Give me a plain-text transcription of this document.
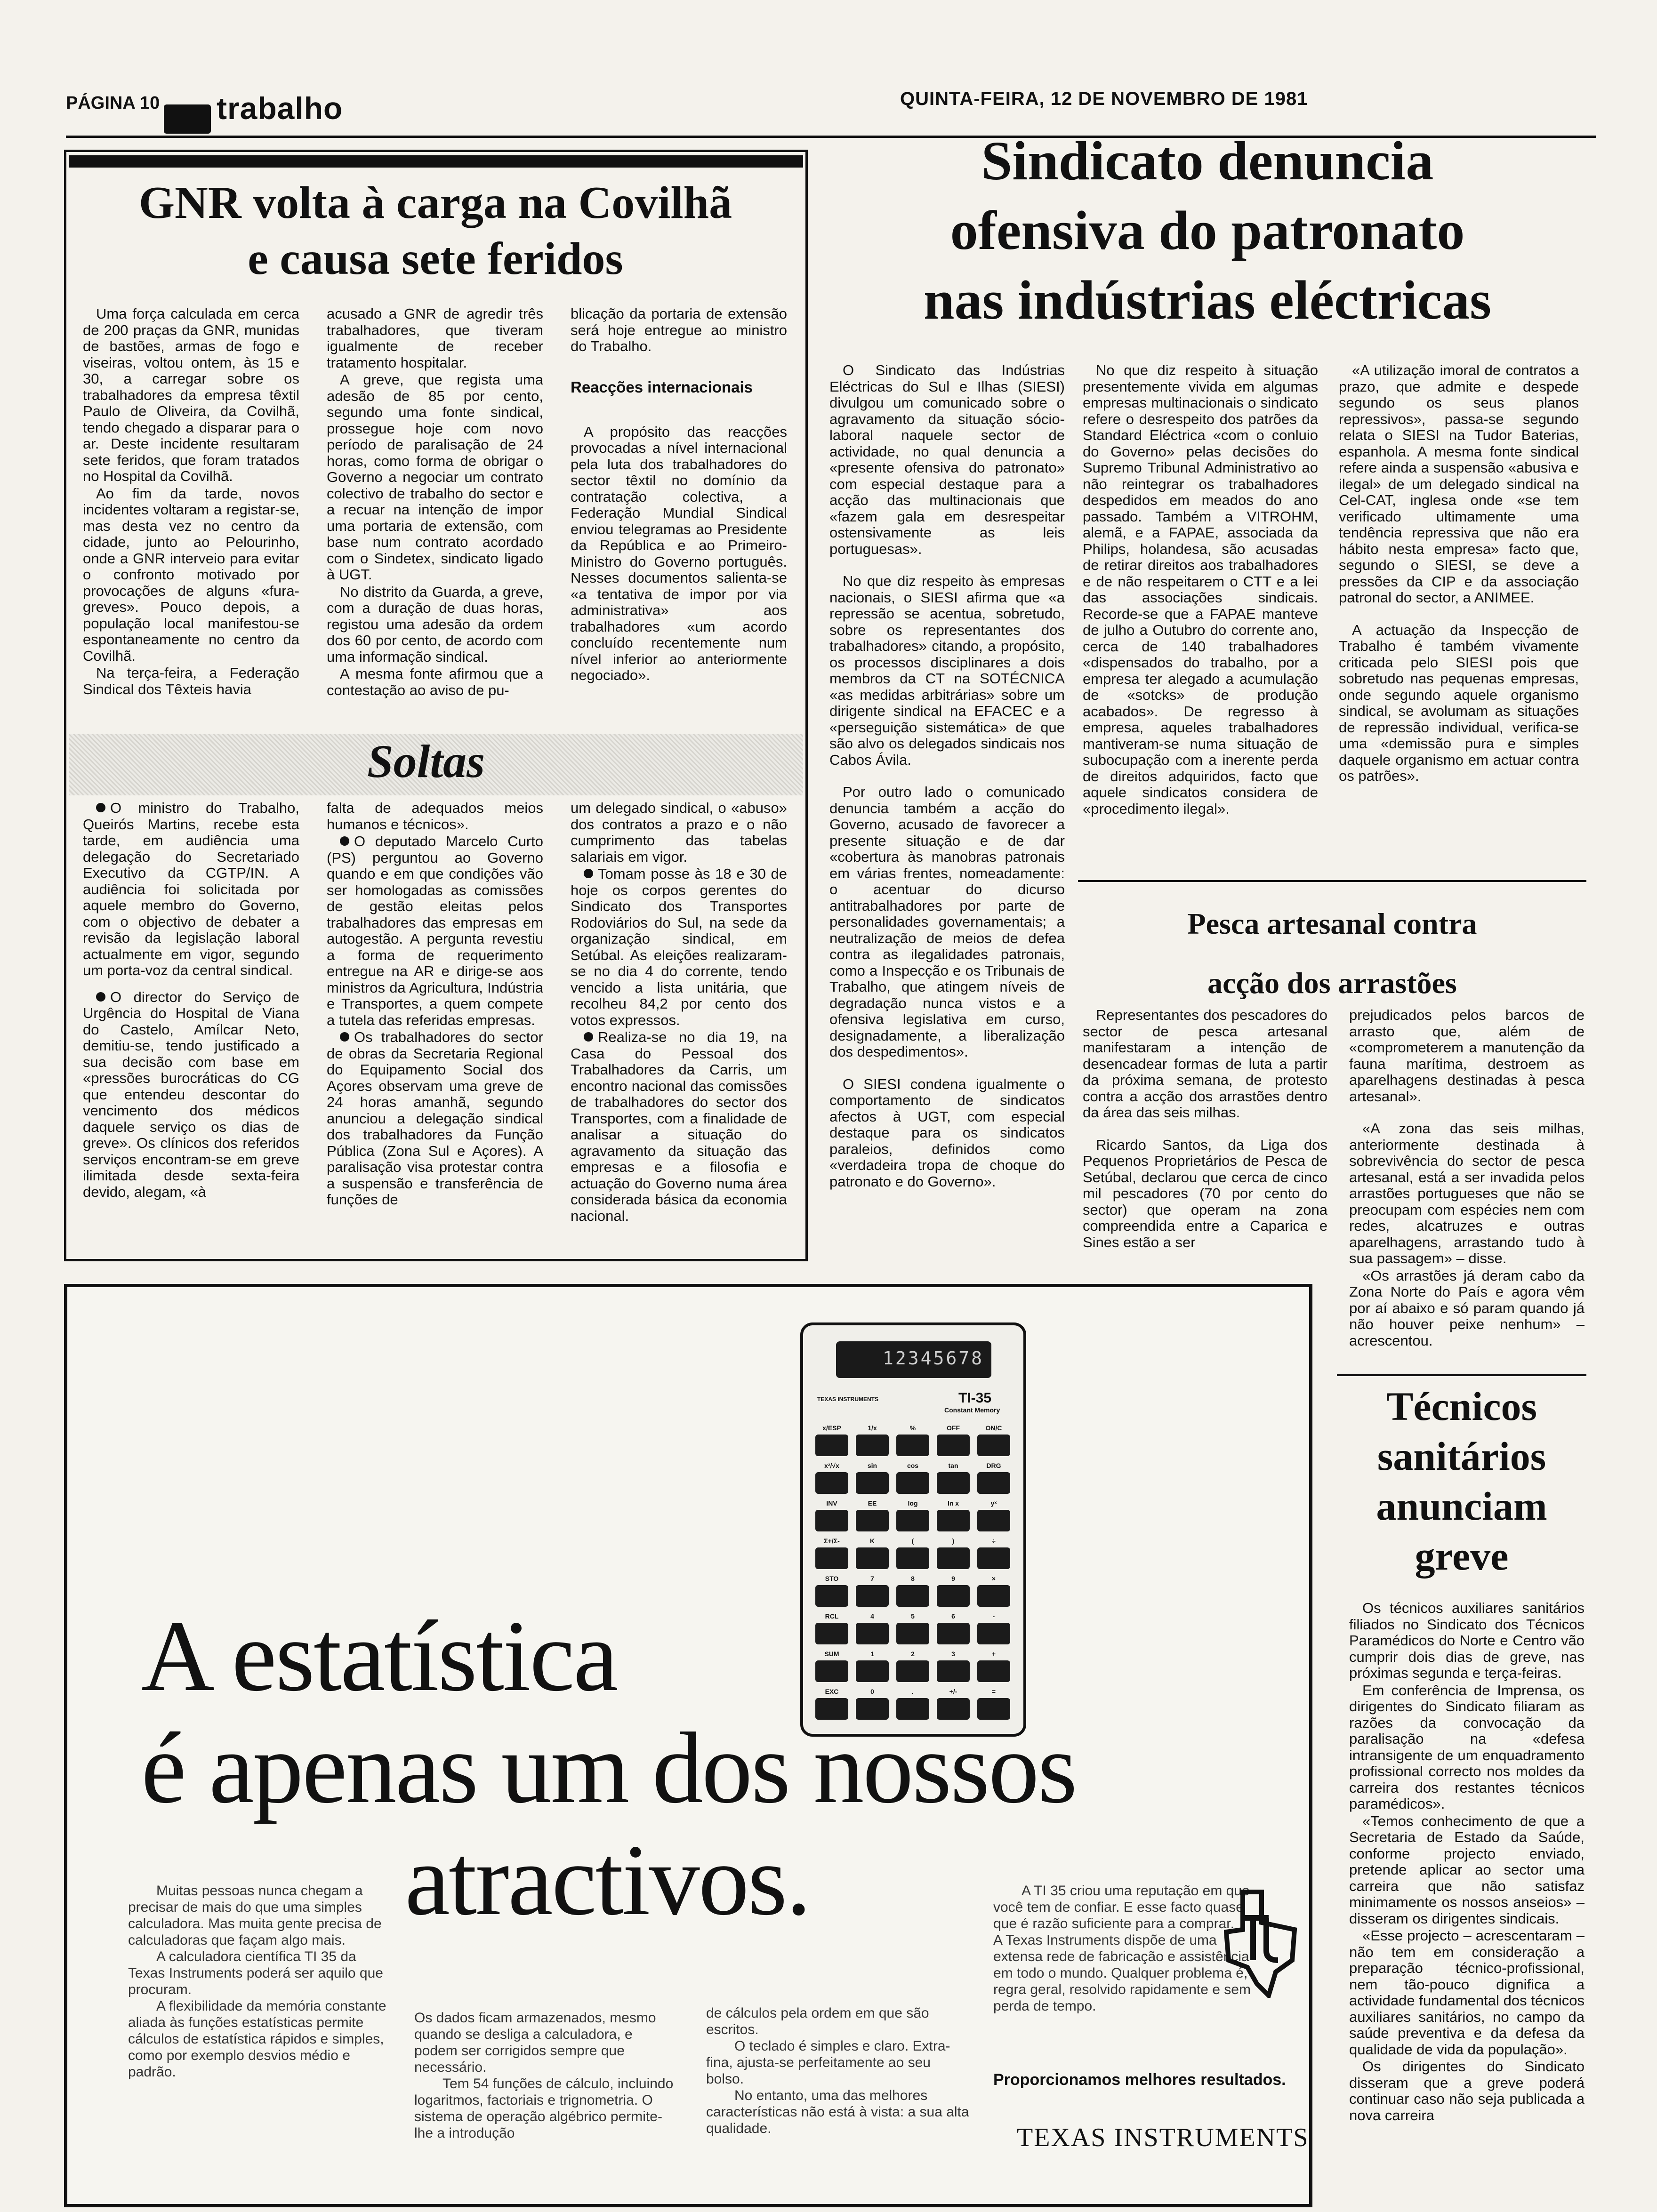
PÁGINA 10 trabalho	QUINTA-FEIRA, 12 DE NOVEMBRO DE 1981
GNR volta à carga na Covilhã
e causa sete feridos

Uma força calculada em cerca de 200 praças da GNR, munidas de bastões, armas de fogo e viseiras, voltou ontem, às 15 e 30, a carregar sobre os trabalhadores da empresa têxtil Paulo de Oliveira, da Covilhã, tendo chegado a disparar para o ar. Deste incidente resultaram sete feridos, que foram tratados no Hospital da Covilhã.

Ao fim da tarde, novos incidentes voltaram a registar-se, mas desta vez no centro da cidade, junto ao Pelourinho, onde a GNR interveio para evitar o confronto motivado por provocações de alguns «fura-greves». Pouco depois, a população local manifestou-se espontaneamente no centro da Covilhã.

Na terça-feira, a Federação Sindical dos Têxteis havia

acusado a GNR de agredir três trabalhadores, que tiveram igualmente de receber tratamento hospitalar.

A greve, que regista uma adesão de 85 por cento, segundo uma fonte sindical, prossegue hoje com novo período de paralisação de 24 horas, como forma de obrigar o Governo a negociar um contrato colectivo de trabalho do sector e a recuar na intenção de impor uma portaria de extensão, com base num contrato acordado com o Sindetex, sindicato ligado à UGT.

No distrito da Guarda, a greve, com a duração de duas horas, registou uma adesão da ordem dos 60 por cento, de acordo com uma informação sindical.

A mesma fonte afirmou que a contestação ao aviso de pu-

blicação da portaria de extensão será hoje entregue ao ministro do Trabalho.

Reacções internacionais

A propósito das reacções provocadas a nível internacional pela luta dos trabalhadores do sector têxtil no domínio da contratação colectiva, a Federação Mundial Sindical enviou telegramas ao Presidente da República e ao Primeiro-Ministro do Governo português. Nesses documentos salienta-se «a tentativa de impor por via administrativa» aos trabalhadores «um acordo concluído recentemente num nível inferior ao anteriormente negociado».

Soltas

O ministro do Trabalho, Queirós Martins, recebe esta tarde, em audiência uma delegação do Secretariado Executivo da CGTP/IN. A audiência foi solicitada por aquele membro do Governo, com o objectivo de debater a revisão da legislação laboral actualmente em vigor, segundo um porta-voz da central sindical.

O director do Serviço de Urgência do Hospital de Viana do Castelo, Amílcar Neto, demitiu-se, tendo justificado a sua decisão com base em «pressões burocráticas do CG que entendeu descontar do vencimento dos médicos daquele serviço os dias de greve». Os clínicos dos referidos serviços encontram-se em greve ilimitada desde sexta-feira devido, alegam, «à

falta de adequados meios humanos e técnicos».

O deputado Marcelo Curto (PS) perguntou ao Governo quando e em que condições vão ser homologadas as comissões de gestão eleitas pelos trabalhadores das empresas em autogestão. A pergunta revestiu a forma de requerimento entregue na AR e dirige-se aos ministros da Agricultura, Indústria e Transportes, a quem compete a tutela das referidas empresas.

Os trabalhadores do sector de obras da Secretaria Regional do Equipamento Social dos Açores observam uma greve de 24 horas amanhã, segundo anunciou a delegação sindical dos trabalhadores da Função Pública (Zona Sul e Açores). A paralisação visa protestar contra a suspensão e transferência de funções de

um delegado sindical, o «abuso» dos contratos a prazo e o não cumprimento das tabelas salariais em vigor.

Tomam posse às 18 e 30 de hoje os corpos gerentes do Sindicato dos Transportes Rodoviários do Sul, na sede da organização sindical, em Setúbal. As eleições realizaram-se no dia 4 do corrente, tendo vencido a lista unitária, que recolheu 84,2 por cento dos votos expressos.

Realiza-se no dia 19, na Casa do Pessoal dos Trabalhadores da Carris, um encontro nacional das comissões de trabalhadores do sector dos Transportes, com a finalidade de analisar a situação do agravamento da situação das empresas e a filosofia e actuação do Governo numa área considerada básica da economia nacional.

Sindicato denuncia
ofensiva do patronato
nas indústrias eléctricas

O Sindicato das Indústrias Eléctricas do Sul e Ilhas (SIESI) divulgou um comunicado sobre o agravamento da situação sócio-laboral naquele sector de actividade, no qual denuncia a «presente ofensiva do patronato» com especial destaque para a acção das multinacionais que «fazem gala em desrespeitar ostensivamente as leis portuguesas».

No que diz respeito às empresas nacionais, o SIESI afirma que «a repressão se acentua, sobretudo, sobre os representantes dos trabalhadores» citando, a propósito, os processos disciplinares a dois membros da CT na SOTÉCNICA «as medidas arbitrárias» sobre um dirigente sindical na EFACEC e a «perseguição sistemática» de que são alvo os delegados sindicais nos Cabos Ávila.

Por outro lado o comunicado denuncia também a acção do Governo, acusado de favorecer a presente situação e de dar «cobertura às manobras patronais em várias frentes, nomeadamente: o acentuar do dicurso antitrabalhadores por parte de personalidades governamentais; a neutralização de meios de defea contra as ilegalidades patronais, como a Inspecção e os Tribunais de Trabalho, que atingem níveis de degradação nunca vistos e a ofensiva legislativa em curso, designadamente, a liberalização dos despedimentos».

O SIESI condena igualmente o comportamento de sindicatos afectos à UGT, com especial destaque para os sindicatos paraleios, definidos como «verdadeira tropa de choque do patronato e do Governo».

No que diz respeito à situação presentemente vivida em algumas empresas multinacionais o sindicato refere o desrespeito dos patrões da Standard Eléctrica «com o conluio do Governo» pelas decisões do Supremo Tribunal Administrativo ao não reintegrar os trabalhadores despedidos em meados do ano passado. Também a VITROHM, alemã, e a FAPAE, associada da Philips, holandesa, são acusadas de retirar direitos aos trabalhadores e de não respeitarem o CTT e a lei das associações sindicais. Recorde-se que a FAPAE manteve de julho a Outubro do corrente ano, cerca de 140 trabalhadores «dispensados do trabalho, por a empresa ter alegado a acumulação de «sotcks» de produção acabados». De regresso à empresa, aqueles trabalhadores mantiveram-se numa situação de subocupação com a inerente perda de direitos adquiridos, facto que aquele sindicatos considera de «procedimento ilegal».

«A utilização imoral de contratos a prazo, que admite e despede segundo os seus planos repressivos», passa-se segundo relata o SIESI na Tudor Baterias, espanhola. A mesma fonte sindical refere ainda a suspensão «abusiva e ilegal» de um delegado sindical na Cel-CAT, inglesa onde «se tem verificado ultimamente uma tendência repressiva que não era hábito nesta empresa» facto que, segundo o SIESI, se deve a pressões da CIP e da associação patronal do sector, a ANIMEE.

A actuação da Inspecção de Trabalho é também vivamente criticada pelo SIESI pois que sobretudo nas pequenas empresas, onde segundo aquele organismo sindical, se avolumam as situações de repressão individual, verifica-se uma «demissão pura e simples daquele organismo em actuar contra os patrões».

Pesca artesanal contra
acção dos arrastões

Representantes dos pescadores do sector de pesca artesanal manifestaram a intenção de desencadear formas de luta a partir da próxima semana, de protesto contra a acção dos arrastões dentro da área das seis milhas.

Ricardo Santos, da Liga dos Pequenos Proprietários de Pesca de Setúbal, declarou que cerca de cinco mil pescadores (70 por cento do sector) que operam na zona compreendida entre a Caparica e Sines estão a ser

prejudicados pelos barcos de arrasto que, além de «comprometerem a manutenção da fauna marítima, destroem as aparelhagens destinadas à pesca artesanal».

«A zona das seis milhas, anteriormente destinada à sobrevivência do sector de pesca artesanal, está a ser invadida pelos arrastões portugueses que não se preocupam com espécies nem com redes, alcatruzes e outras aparelhagens, arrastando tudo à sua passagem» – disse.

«Os arrastões já deram cabo da Zona Norte do País e agora vêm por aí abaixo e só param quando já não houver peixe nenhum» – acrescentou.

Técnicos
sanitários
anunciam
greve

Os técnicos auxiliares sanitários filiados no Sindicato dos Técnicos Paramédicos do Norte e Centro vão cumprir dois dias de greve, nas próximas segunda e terça-feiras.

Em conferência de Imprensa, os dirigentes do Sindicato filiaram as razões da convocação da paralisação na «defesa intransigente de um enquadramento profissional correcto nos moldes da carreira dos restantes técnicos paramédicos».

«Temos conhecimento de que a Secretaria de Estado da Saúde, conforme projecto enviado, pretende aplicar ao sector uma carreira que não satisfaz minimamente os nossos anseios» – disseram os dirigentes sindicais.

«Esse projecto – acrescentaram – não tem em consideração a preparação técnico-profissional, nem tão-pouco dignifica a actividade fundamental dos técnicos auxiliares sanitários, no campo da saúde preventiva e da defesa da qualidade de vida da população».

Os dirigentes do Sindicato disseram que a greve poderá continuar caso não seja publicada a nova carreira

12345678
TEXAS INSTRUMENTS	TI-35
Constant Memory
x/ESP	1/x	%	OFF	ON/C
x²/√x	sin	cos	tan	DRG
INV	EE	log	ln x	yˣ
Σ+/Σ-	K	(	)	÷
STO	7	8	9	×
RCL	4	5	6	-
SUM	1	2	3	+
EXC	0	.	+/-	=
A estatística
é apenas um dos nossos
atractivos.

Muitas pessoas nunca chegam a precisar de mais do que uma simples calculadora. Mas muita gente precisa de calculadoras que façam algo mais.

A calculadora científica TI 35 da Texas Instruments poderá ser aquilo que procuram.

A flexibilidade da memória constante aliada às funções estatísticas permite cálculos de estatística rápidos e simples, como por exemplo desvios médio e padrão.

Os dados ficam armazenados, mesmo quando se desliga a calculadora, e podem ser corrigidos sempre que necessário.

Tem 54 funções de cálculo, incluindo logaritmos, factoriais e trignometria. O sistema de operação algébrico permite-lhe a introdução

de cálculos pela ordem em que são escritos.

O teclado é simples e claro. Extra-fina, ajusta-se perfeitamente ao seu bolso.

No entanto, uma das melhores características não está à vista: a sua alta qualidade.

A TI 35 criou uma reputação em que você tem de confiar. E esse facto quase que é razão suficiente para a comprar.

A Texas Instruments dispõe de uma extensa rede de fabricação e assistência em todo o mundo. Qualquer problema é, regra geral, resolvido rapidamente e sem perda de tempo.

Proporcionamos melhores resultados.
TEXAS INSTRUMENTS
